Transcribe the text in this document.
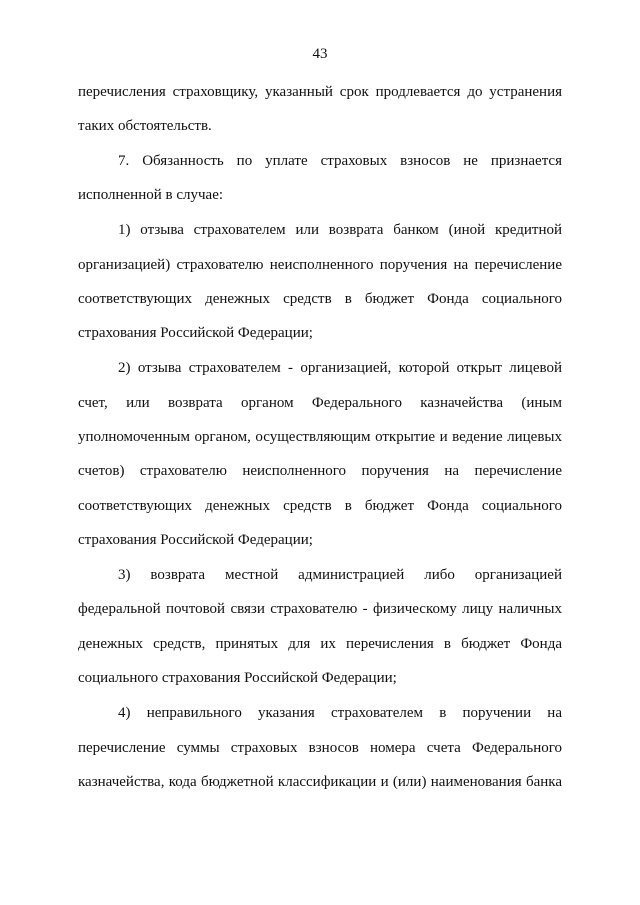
43
перечисления страховщику, указанный срок продлевается до устранения
таких обстоятельств.
7. Обязанность по уплате страховых взносов не признается
исполненной в случае:
1) отзыва страхователем или возврата банком (иной кредитной
организацией) страхователю неисполненного поручения на перечисление
соответствующих денежных средств в бюджет Фонда социального
страхования Российской Федерации;
2) отзыва страхователем - организацией, которой открыт лицевой
счет, или возврата органом Федерального казначейства (иным
уполномоченным органом, осуществляющим открытие и ведение лицевых
счетов) страхователю неисполненного поручения на перечисление
соответствующих денежных средств в бюджет Фонда социального
страхования Российской Федерации;
3) возврата местной администрацией либо организацией
федеральной почтовой связи страхователю - физическому лицу наличных
денежных средств, принятых для их перечисления в бюджет Фонда
социального страхования Российской Федерации;
4) неправильного указания страхователем в поручении на
перечисление суммы страховых взносов номера счета Федерального
казначейства, кода бюджетной классификации и (или) наименования банка
